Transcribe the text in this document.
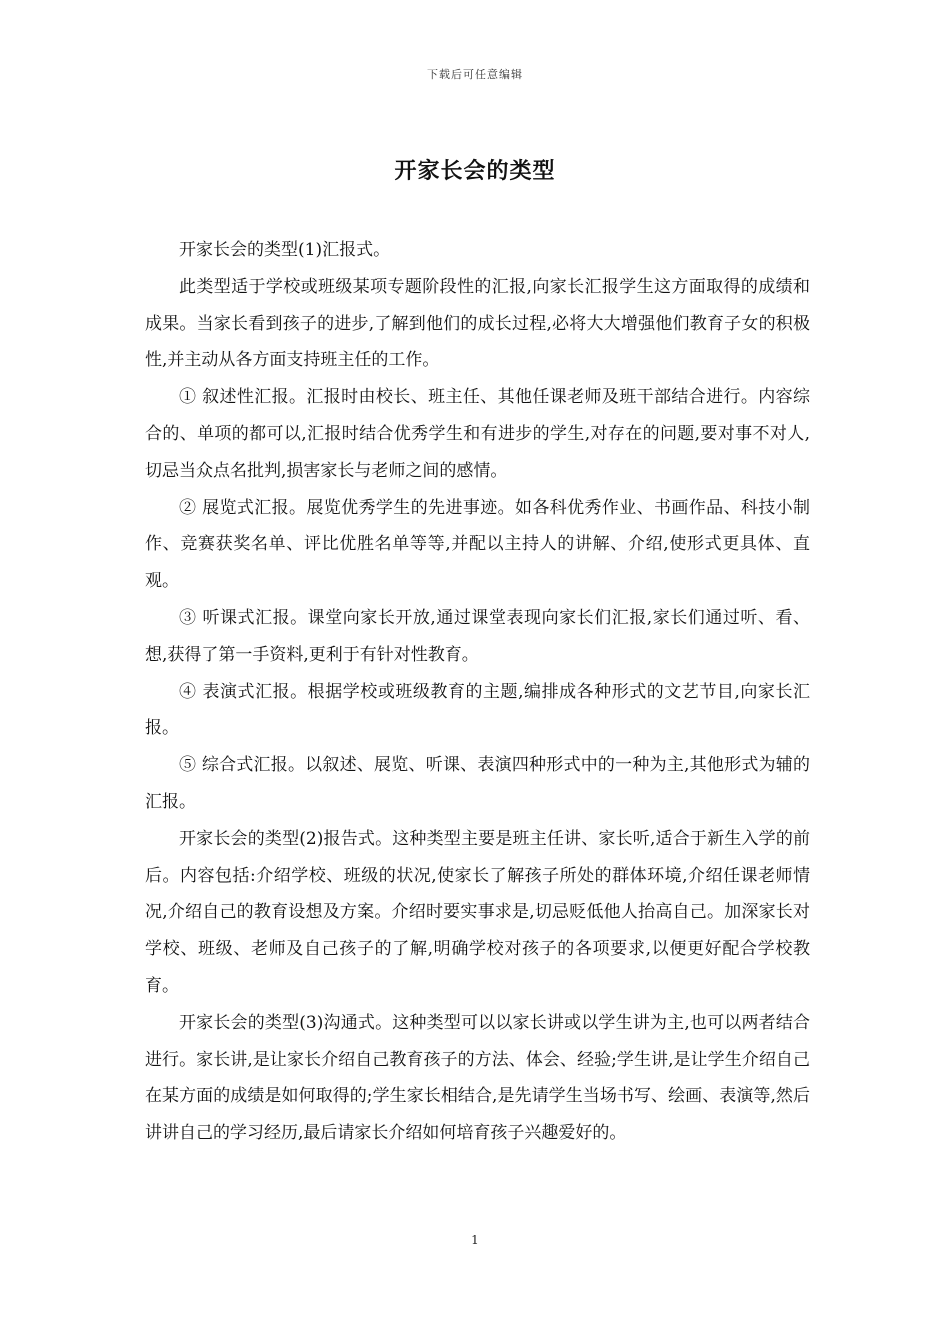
下载后可任意编辑
开家长会的类型

开家长会的类型(1)汇报式。

此类型适于学校或班级某项专题阶段性的汇报,向家长汇报学生这方面取得的成绩和成果。当家长看到孩子的进步,了解到他们的成长过程,必将大大增强他们教育子女的积极性,并主动从各方面支持班主任的工作。

① 叙述性汇报。汇报时由校长、班主任、其他任课老师及班干部结合进行。内容综合的、单项的都可以,汇报时结合优秀学生和有进步的学生,对存在的问题,要对事不对人,切忌当众点名批判,损害家长与老师之间的感情。

② 展览式汇报。展览优秀学生的先进事迹。如各科优秀作业、书画作品、科技小制作、竞赛获奖名单、评比优胜名单等等,并配以主持人的讲解、介绍,使形式更具体、直观。

③ 听课式汇报。课堂向家长开放,通过课堂表现向家长们汇报,家长们通过听、看、想,获得了第一手资料,更利于有针对性教育。

④ 表演式汇报。根据学校或班级教育的主题,编排成各种形式的文艺节目,向家长汇报。

⑤ 综合式汇报。以叙述、展览、听课、表演四种形式中的一种为主,其他形式为辅的汇报。

开家长会的类型(2)报告式。这种类型主要是班主任讲、家长听,适合于新生入学的前后。内容包括:介绍学校、班级的状况,使家长了解孩子所处的群体环境,介绍任课老师情况,介绍自己的教育设想及方案。介绍时要实事求是,切忌贬低他人抬高自己。加深家长对学校、班级、老师及自己孩子的了解,明确学校对孩子的各项要求,以便更好配合学校教育。

开家长会的类型(3)沟通式。这种类型可以以家长讲或以学生讲为主,也可以两者结合进行。家长讲,是让家长介绍自己教育孩子的方法、体会、经验;学生讲,是让学生介绍自己在某方面的成绩是如何取得的;学生家长相结合,是先请学生当场书写、绘画、表演等,然后讲讲自己的学习经历,最后请家长介绍如何培育孩子兴趣爱好的。

1
